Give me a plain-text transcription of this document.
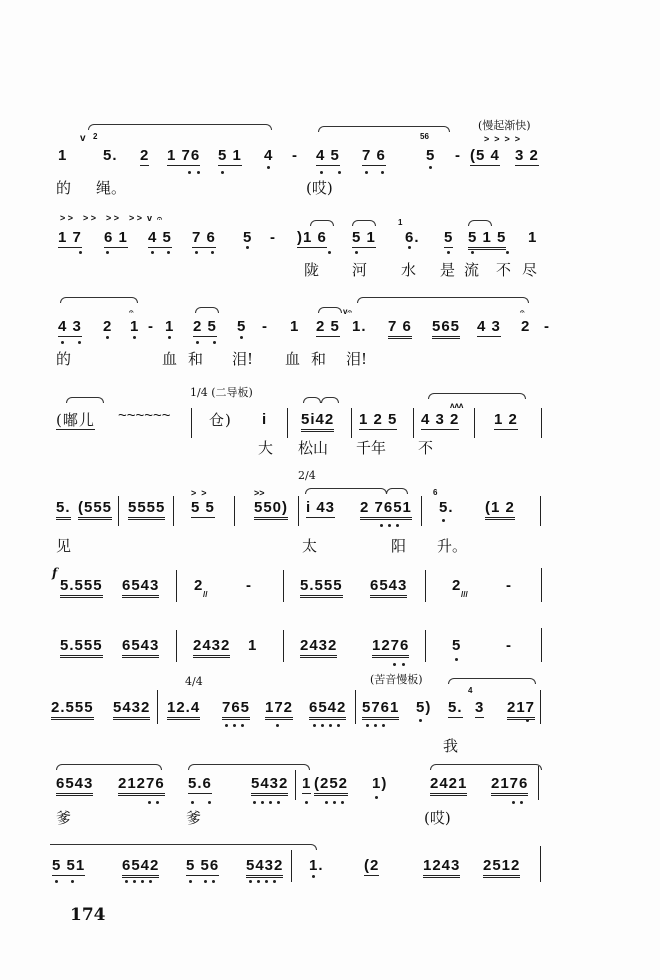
(慢起渐快)
v 2	56	>  >  >  >
1 5. 2 1 76 5 1 4 - 4 5 7 6	5 - (5 4 3 2
的 绳。	(哎)
> >    > >    > >    > >  v  𝄐	1
1 7 6 1 4 5 7 6 5 - )1 6 5 1 6. 5 5 1 5 1
陇 河 水 是 流 不 尽
𝄐	v𝄐	𝄐
4 3 2 1 - 1 2 5 5 - 1 2 5 1. 7 6 565 4 3 2 -
的	血 和 泪! 血 和 泪!
1/4 (二导板)
ᴧᴧᴧ
(嘟儿 ~~~~~~	仓) i 5i42 1 2 5 4 3 2 1 2
大 松山 千年 不
2/4
>  >	>>	6
5. (555 5555 5 5	550) i 43 2 7651 5. (1 2
见	太	阳 升。
f
5.555 6543 2
//
-	5.555 6543	2
///
-
5.555 6543 2432 1	2432 1276	5	-
4/4	(苦音慢板)
4
2.555 5432 12.4 765 172 6542 5761 5) 5. 3 217
我
6543 21276 5.6	5432 1 (252 1)	2421 2176
爹	爹	(哎)
5 51 6542 5 56 5432 1.	(2	1243 2512
174
